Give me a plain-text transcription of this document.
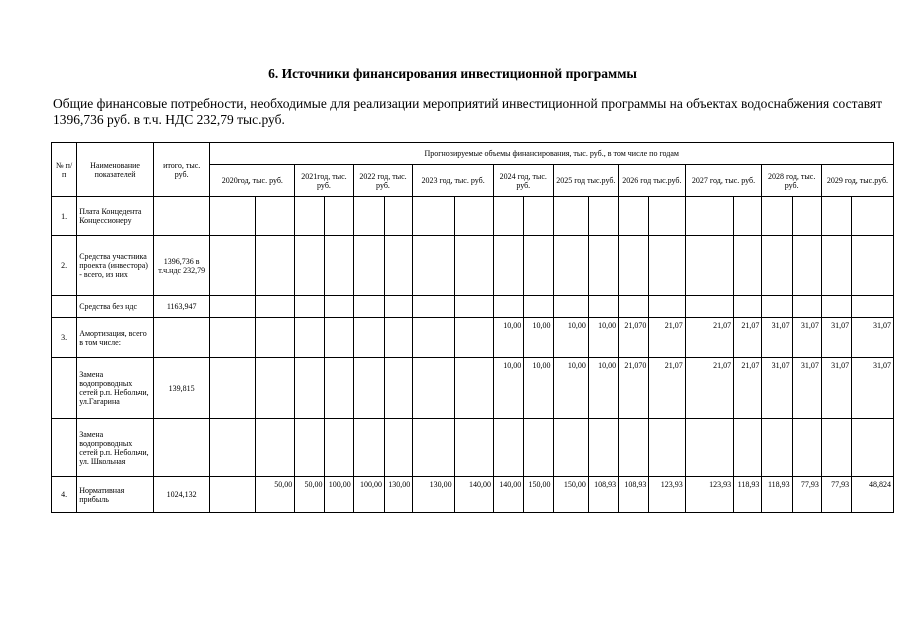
6. Источники финансирования инвестиционной программы
Общие финансовые потребности, необходимые для реализации мероприятий инвестиционной программы на объектах водоснабжения составят 1396,736 руб. в т.ч. НДС 232,79 тыс.руб.
№ п/п	Наименование показателей	итого, тыс. руб.	Прогнозируемые объемы финансирования, тыс. руб., в том числе по годам																			
			2020год, тыс. руб.		2021год, тыс. руб.		2022 год, тыс. руб.		2023 год, тыс. руб.		2024 год, тыс. руб.		2025 год тыс.руб.		2026 год тыс.руб.		2027 год, тыс. руб.		2028 год, тыс. руб.		2029 год, тыс.руб.	
1.	Плата Концедента Концессионеру																					
2.	Средства участника проекта (инвестора) - всего, из них	1396,736 в т.ч.ндс 232,79																				
	Средства без ндс	1163,947																				
3.	Амортизация, всего в том числе:										10,00	10,00	10,00	10,00	21,070	21,07	21,07	21,07	31,07	31,07	31,07	31,07
	Замена водопроводных сетей р.п. Небольчи, ул.Гагарина	139,815									10,00	10,00	10,00	10,00	21,070	21,07	21,07	21,07	31,07	31,07	31,07	31,07
	Замена водопроводных сетей р.п. Небольчи, ул. Школьная																					
4.	Нормативная прибыль	1024,132		50,00	50,00	100,00	100,00	130,00	130,00	140,00	140,00	150,00	150,00	108,93	108,93	123,93	123,93	118,93	118,93	77,93	77,93	48,824
